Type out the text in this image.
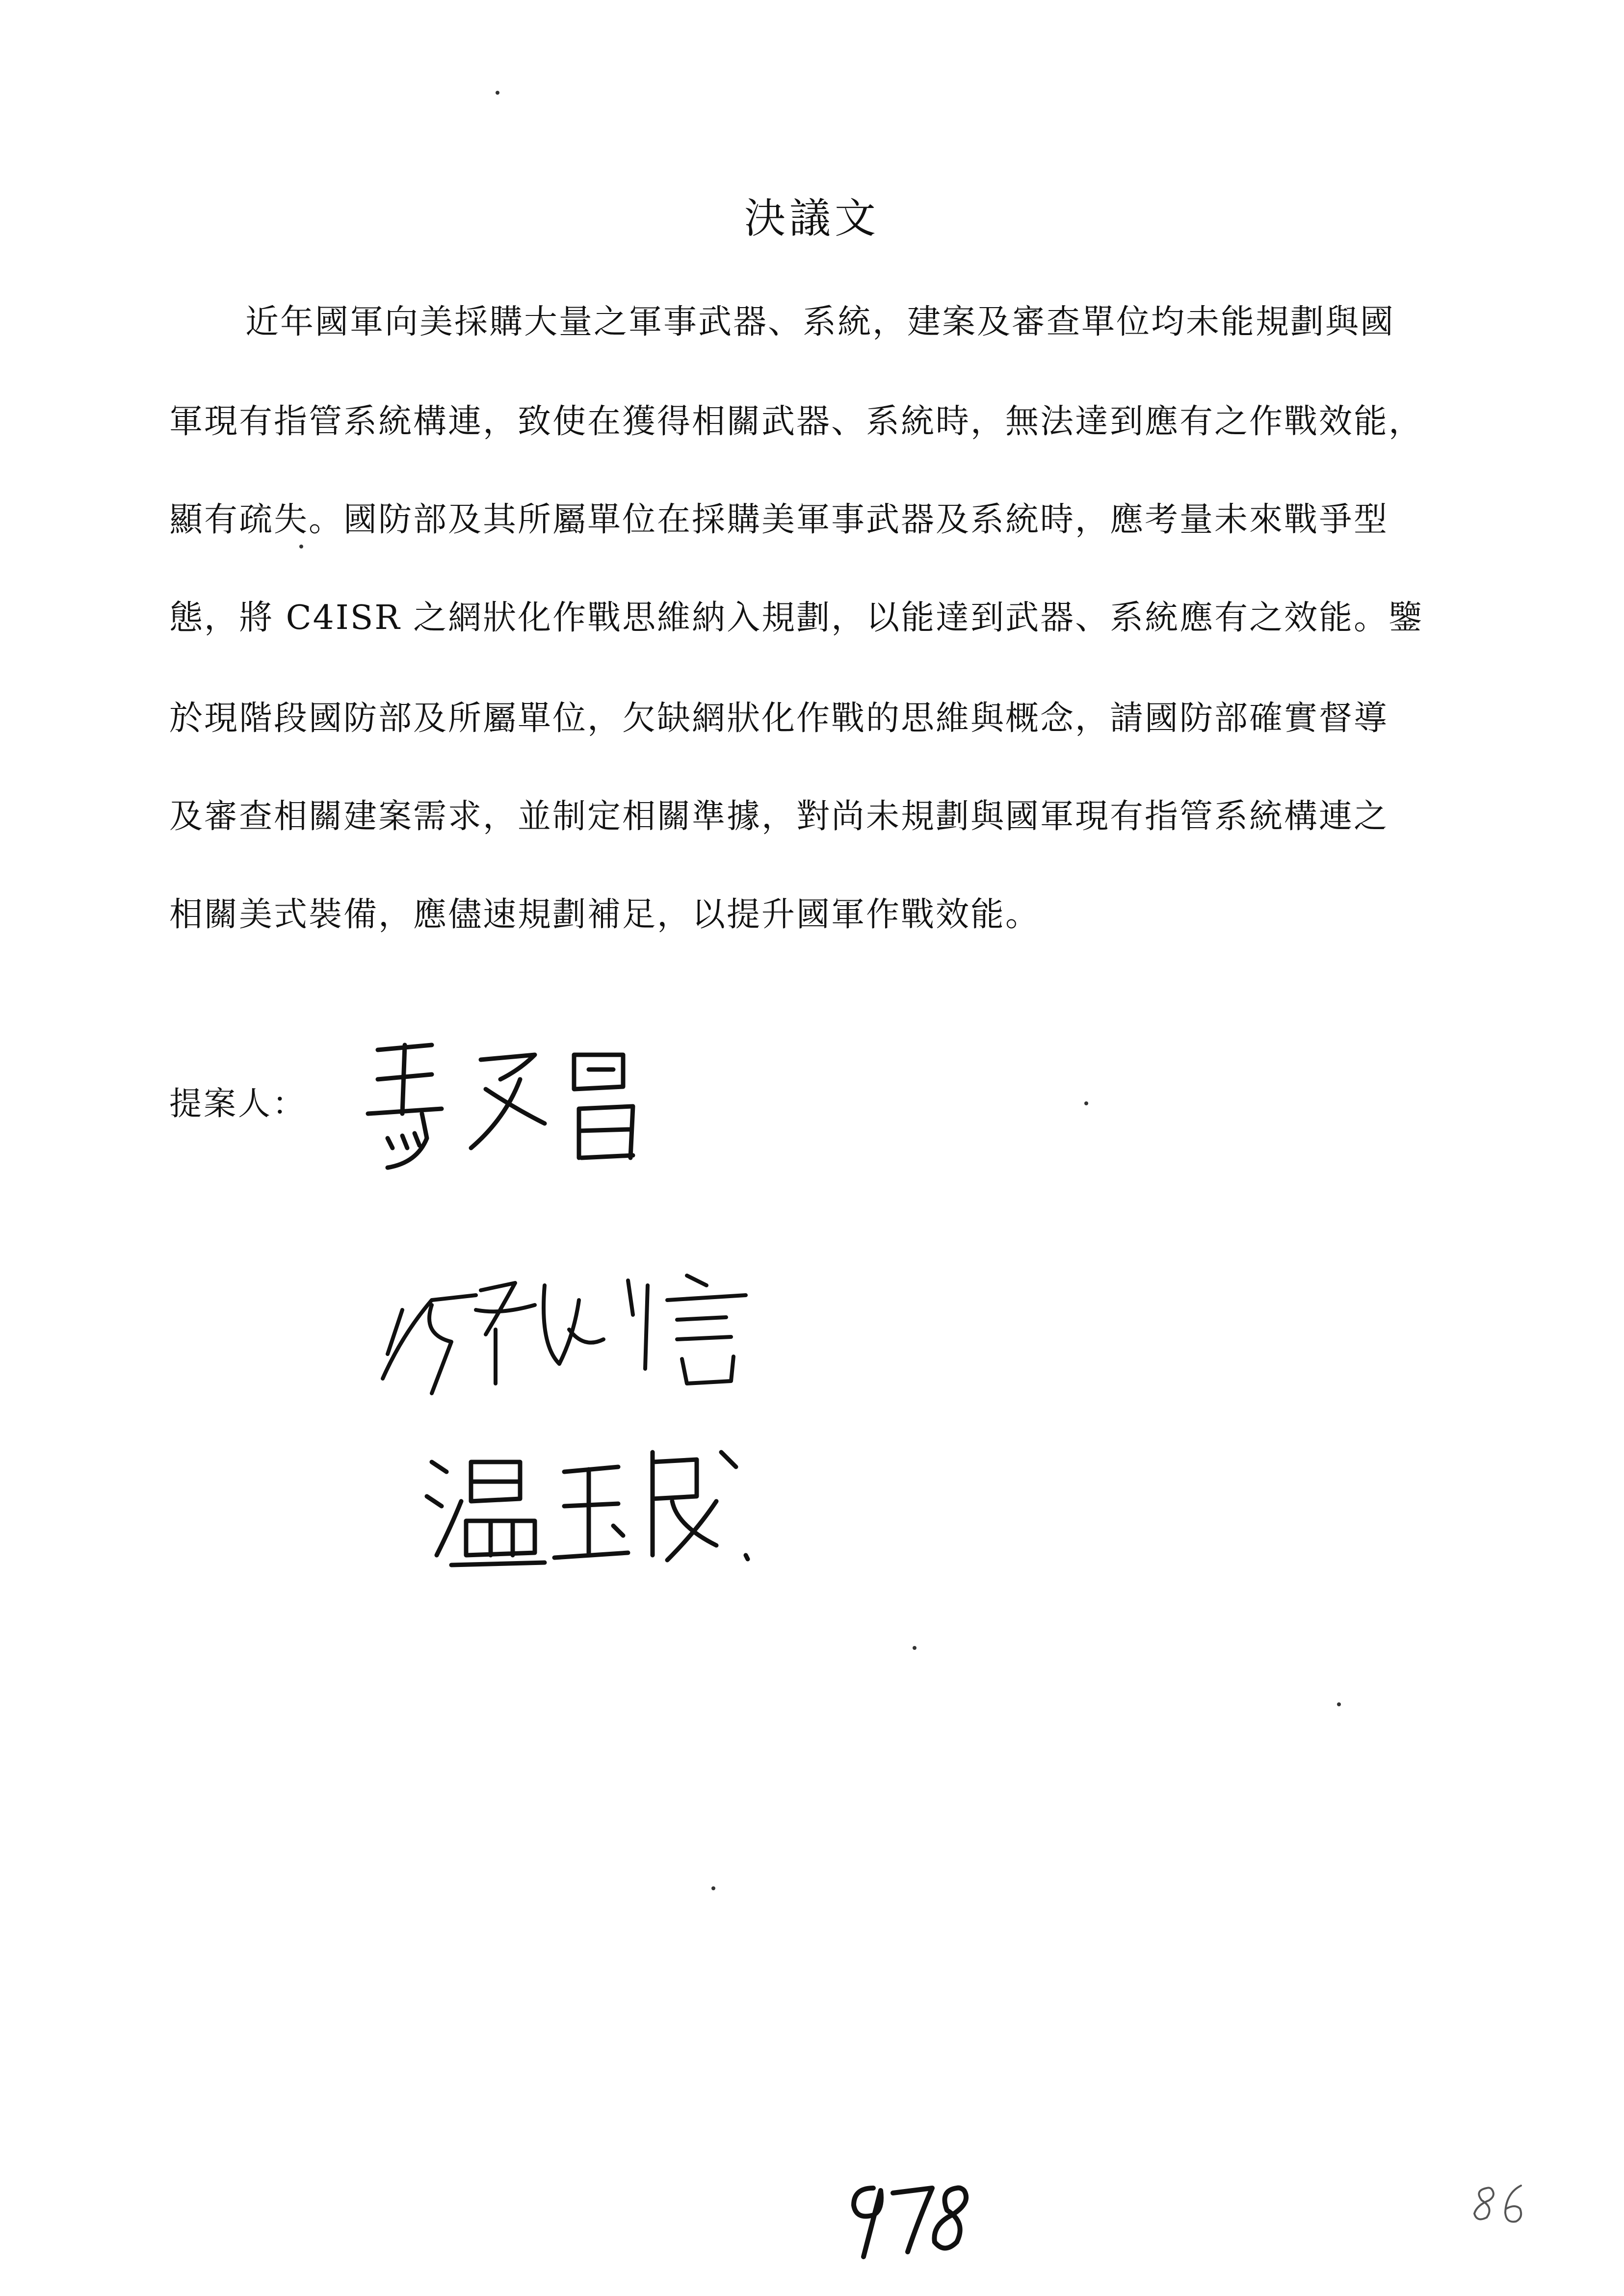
決議文
近年國軍向美採購大量之軍事武器、系統，建案及審查單位均未能規劃與國
軍現有指管系統構連，致使在獲得相關武器、系統時，無法達到應有之作戰效能，
顯有疏失。國防部及其所屬單位在採購美軍事武器及系統時，應考量未來戰爭型
態，將 C4ISR 之網狀化作戰思維納入規劃，以能達到武器、系統應有之效能。鑒
於現階段國防部及所屬單位，欠缺網狀化作戰的思維與概念，請國防部確實督導
及審查相關建案需求，並制定相關準據，對尚未規劃與國軍現有指管系統構連之
相關美式裝備，應儘速規劃補足，以提升國軍作戰效能。
提案人：
